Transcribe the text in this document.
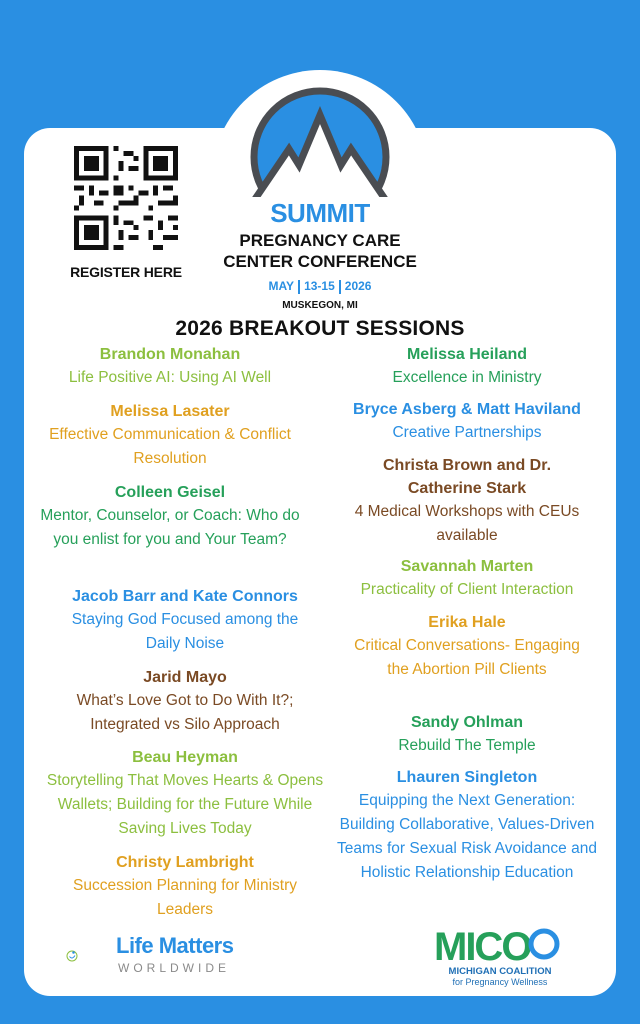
REGISTER HERE
SUMMIT
PREGNANCY CARE
CENTER CONFERENCE
MAY 13-15 2026
MUSKEGON, MI
2026 BREAKOUT SESSIONS
Brandon Monahan
Life Positive AI: Using AI Well
Melissa Lasater
Effective Communication & Conflict Resolution
Colleen Geisel
Mentor, Counselor, or Coach: Who do you enlist for you and Your Team?
Jacob Barr and Kate Connors
Staying God Focused among the Daily Noise
Jarid Mayo
What’s Love Got to Do With It?; Integrated vs Silo Approach
Beau Heyman
Storytelling That Moves Hearts & Opens Wallets; Building for the Future While Saving Lives Today
Christy Lambright
Succession Planning for Ministry Leaders
Melissa Heiland
Excellence in Ministry
Bryce Asberg & Matt Haviland
Creative Partnerships
Christa Brown and Dr. Catherine Stark
4 Medical Workshops with CEUs available
Savannah Marten
Practicality of Client Interaction
Erika Hale
Critical Conversations- Engaging the Abortion Pill Clients
Sandy Ohlman
Rebuild The Temple
Lhauren Singleton
Equipping the Next Generation: Building Collaborative, Values-Driven Teams for Sexual Risk Avoidance and Holistic Relationship Education
Life Matters
WORLDWIDE	MICO
MICHIGAN COALITION
for Pregnancy Wellness
